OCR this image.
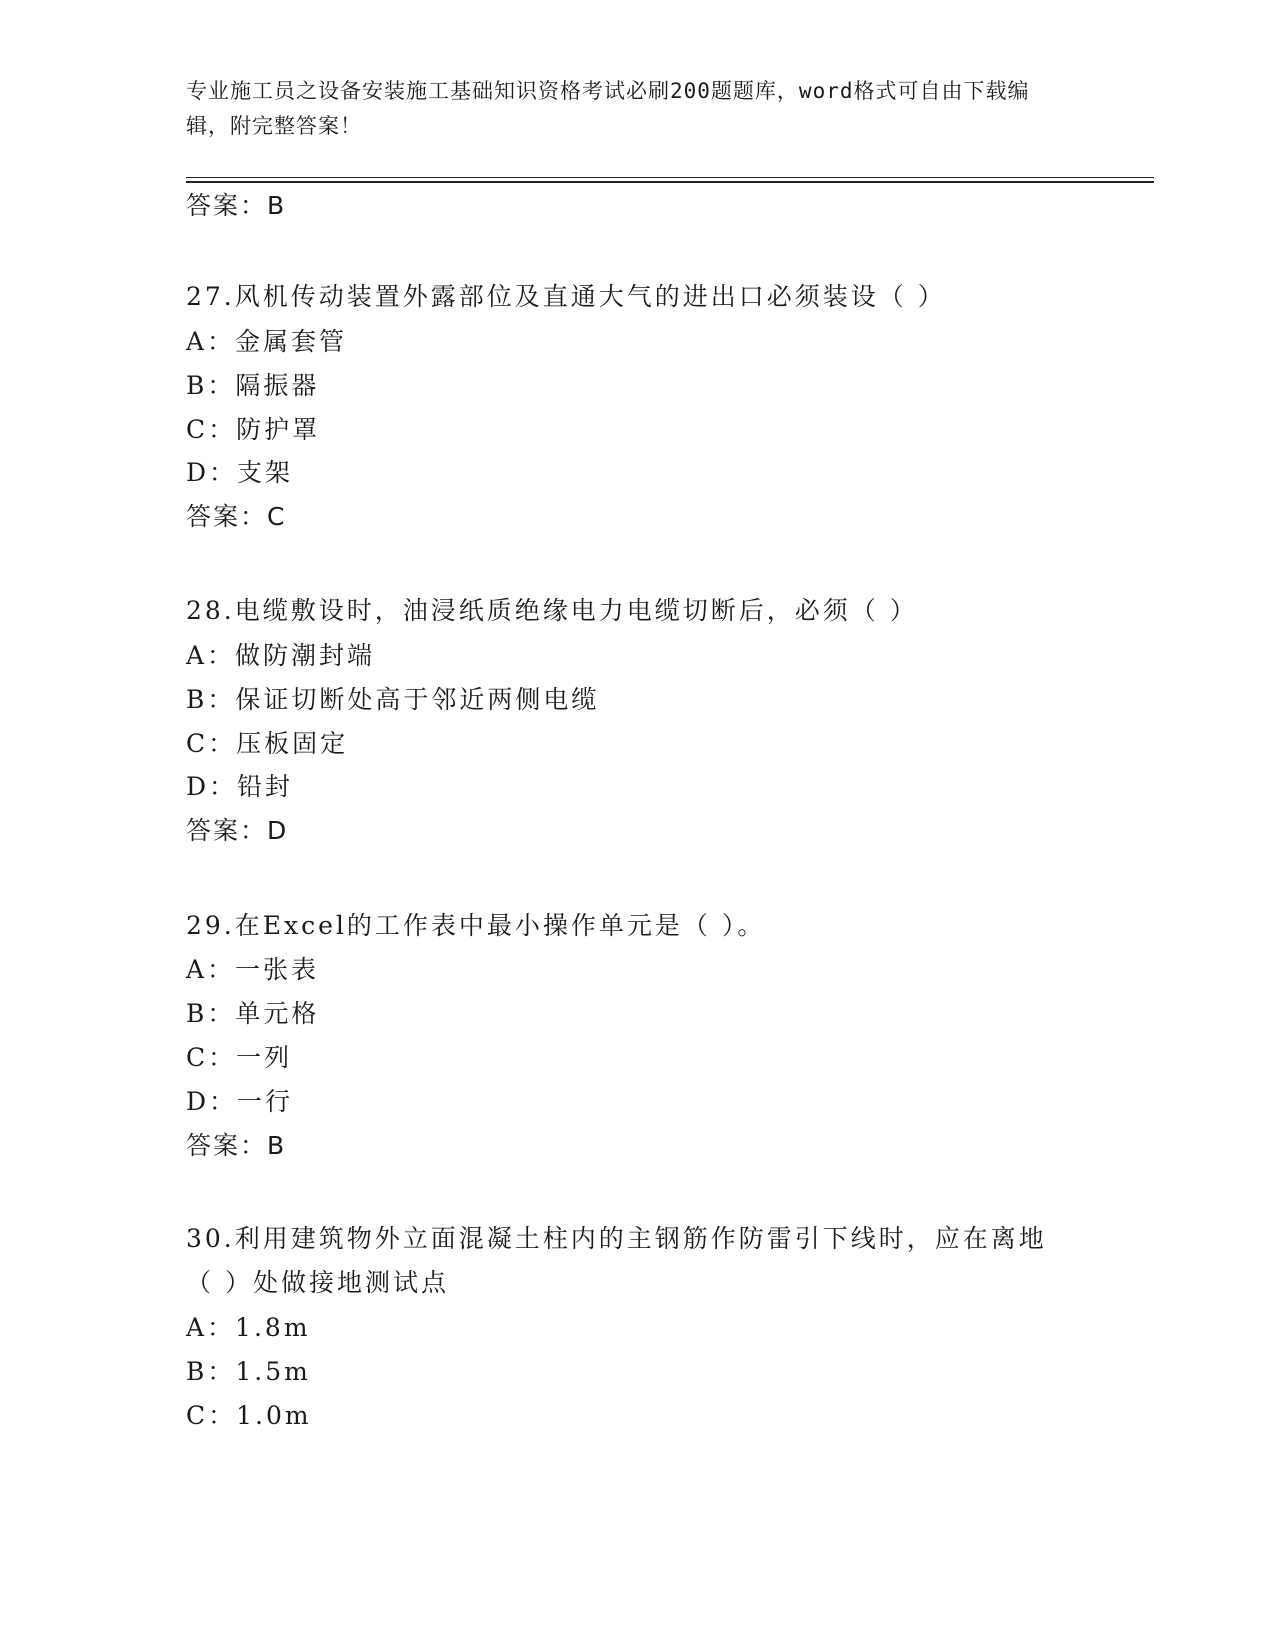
专业施工员之设备安装施工基础知识资格考试必刷200题题库，word格式可自由下载编辑，附完整答案！
答案：B
27.风机传动装置外露部位及直通大气的进出口必须装设（ ）
A：金属套管
B：隔振器
C：防护罩
D：支架
答案：C
28.电缆敷设时，油浸纸质绝缘电力电缆切断后，必须（ ）
A：做防潮封端
B：保证切断处高于邻近两侧电缆
C：压板固定
D：铅封
答案：D
29.在Excel的工作表中最小操作单元是（ ）。
A：一张表
B：单元格
C：一列
D：一行
答案：B
30.利用建筑物外立面混凝土柱内的主钢筋作防雷引下线时，应在离地
（ ）处做接地测试点
A：1.8m
B：1.5m
C：1.0m
